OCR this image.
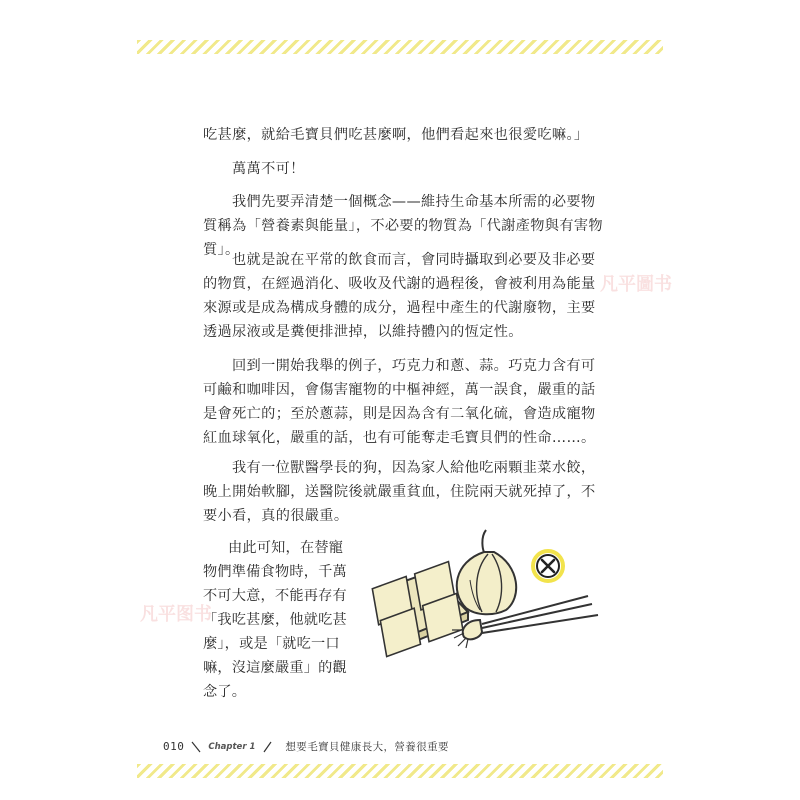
吃甚麼，就給毛寶貝們吃甚麼啊，他們看起來也很愛吃嘛。」

萬萬不可！

我們先要弄清楚一個概念——維持生命基本所需的必要物質稱為「營養素與能量」，不必要的物質為「代謝產物與有害物質」。

也就是說在平常的飲食而言，會同時攝取到必要及非必要的物質，在經過消化、吸收及代謝的過程後，會被利用為能量來源或是成為構成身體的成分，過程中產生的代謝廢物，主要透過尿液或是糞便排泄掉，以維持體內的恆定性。

回到一開始我舉的例子，巧克力和蔥、蒜。巧克力含有可可鹼和咖啡因，會傷害寵物的中樞神經，萬一誤食，嚴重的話是會死亡的；至於蔥蒜，則是因為含有二氧化硫，會造成寵物紅血球氧化，嚴重的話，也有可能奪走毛寶貝們的性命……。

我有一位獸醫學長的狗，因為家人給他吃兩顆韭菜水餃，晚上開始軟腳，送醫院後就嚴重貧血，住院兩天就死掉了，不要小看，真的很嚴重。

由此可知，在替寵物們準備食物時，千萬不可大意，不能再存有「我吃甚麼，他就吃甚麼」，或是「就吃一口嘛，沒這麼嚴重」的觀念了。

010	Chapter 1	想要毛寶貝健康長大，營養很重要
凡平圖书
凡平图书
